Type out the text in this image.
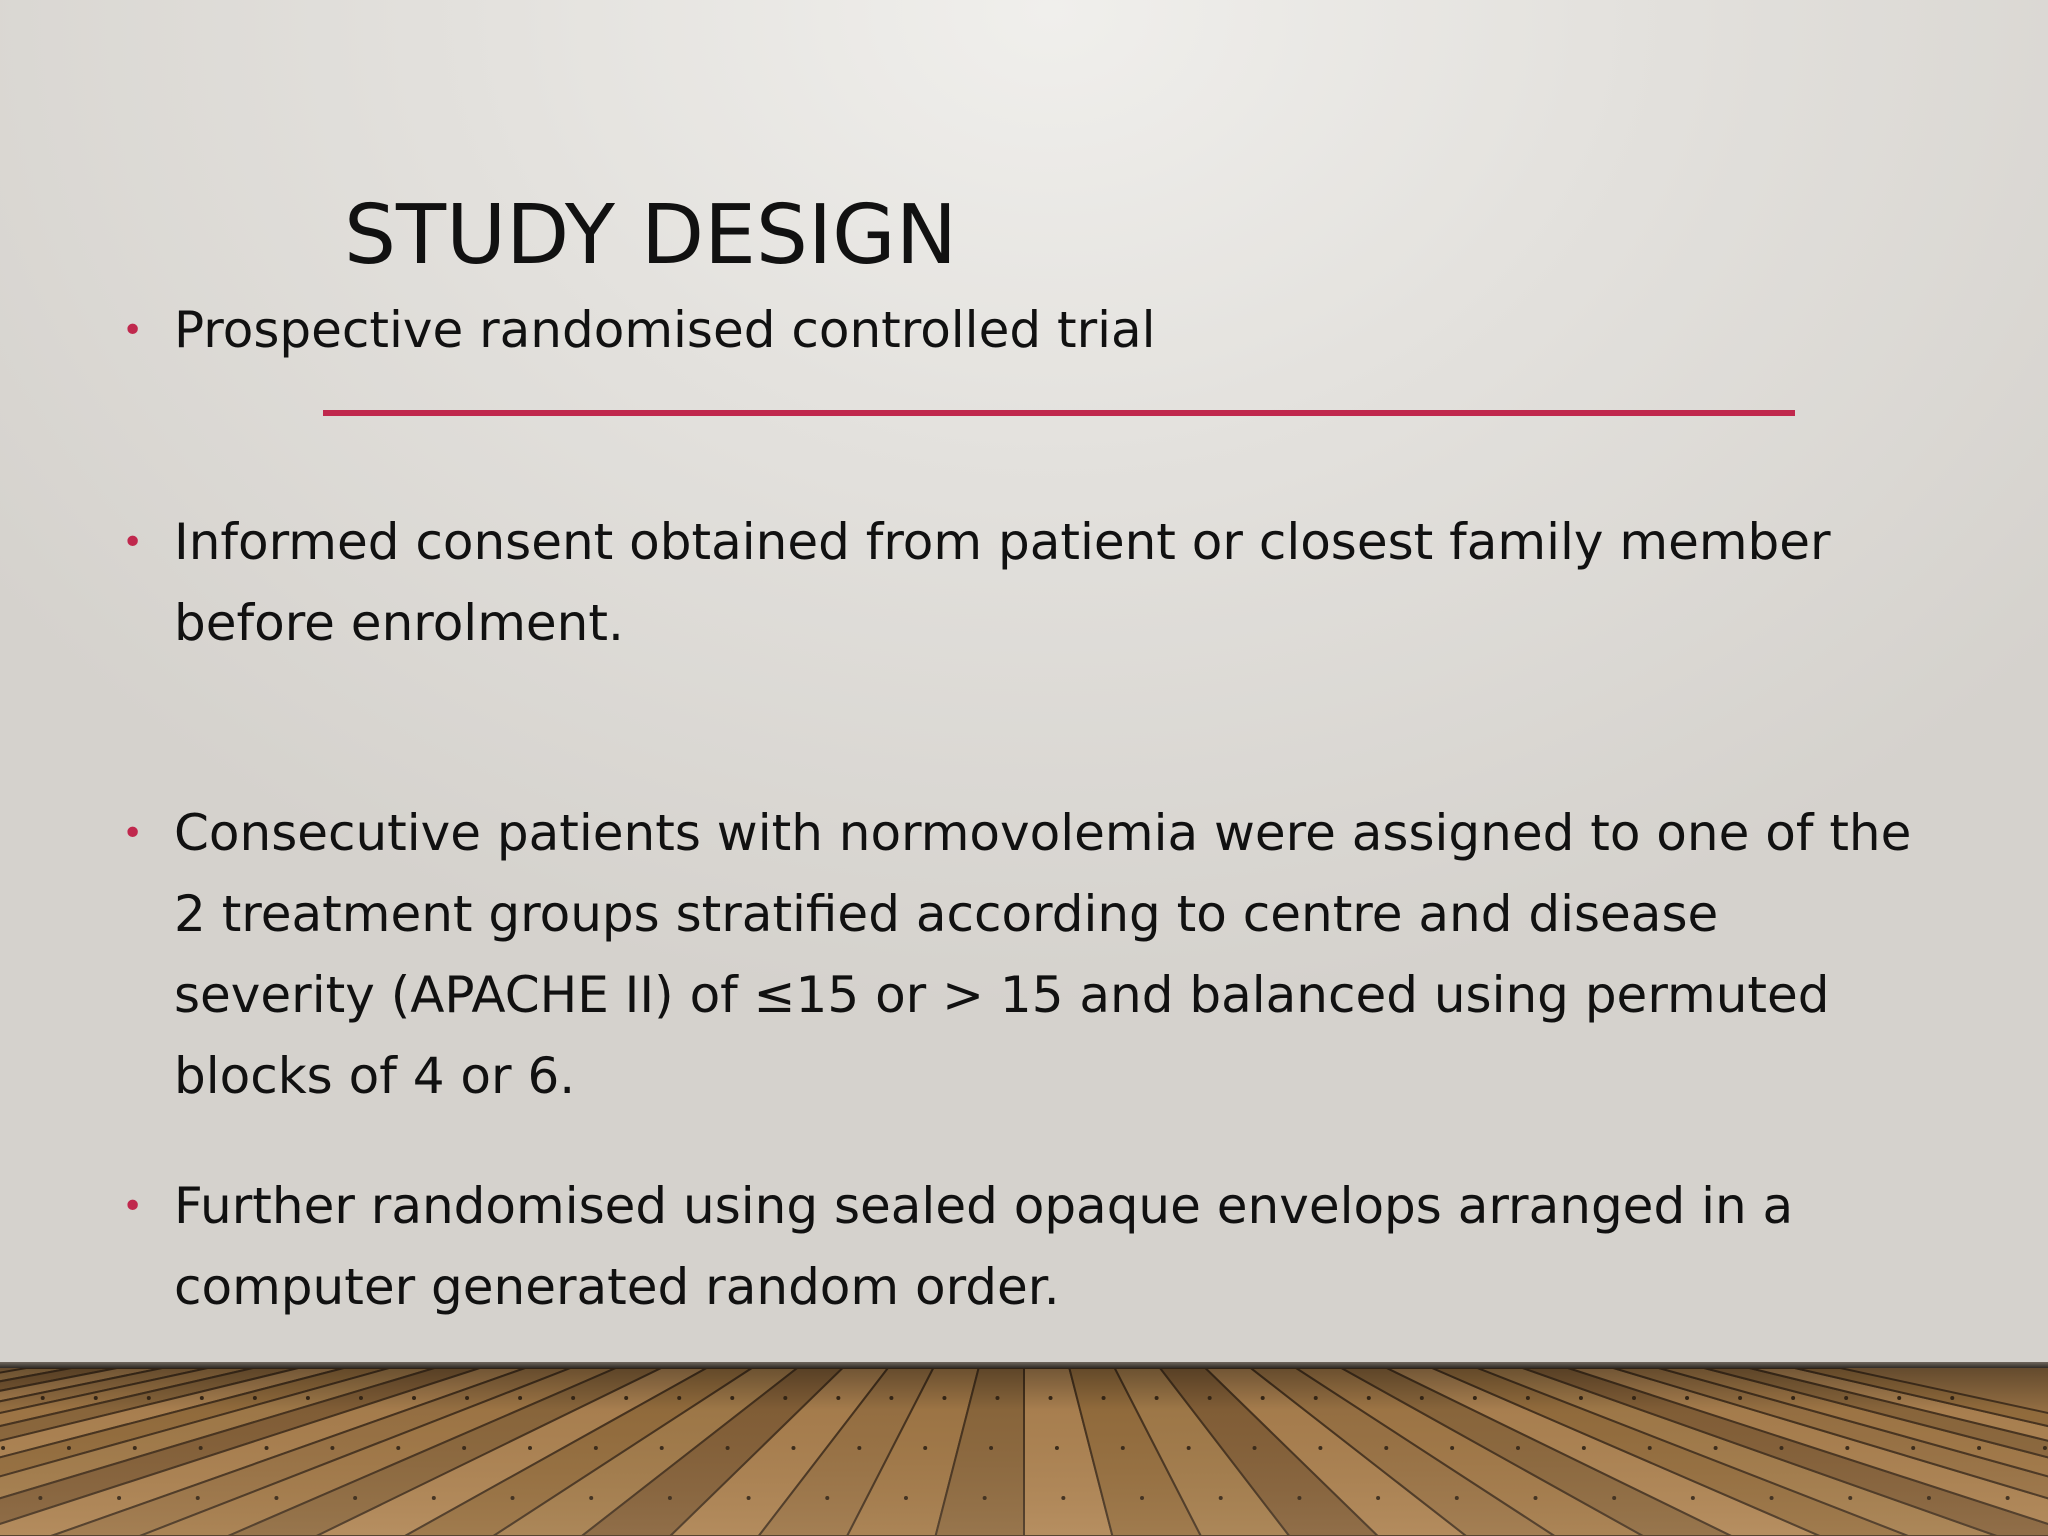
STUDY DESIGN
• Prospective randomised controlled trial
• Informed consent obtained from patient or closest family member before enrolment.
• Consecutive patients with normovolemia were assigned to one of the 2 treatment groups stratified according to centre and disease severity (APACHE II) of ≤15 or > 15 and balanced using permuted blocks of 4 or 6.
• Further randomised using sealed opaque envelops arranged in a computer generated random order.
